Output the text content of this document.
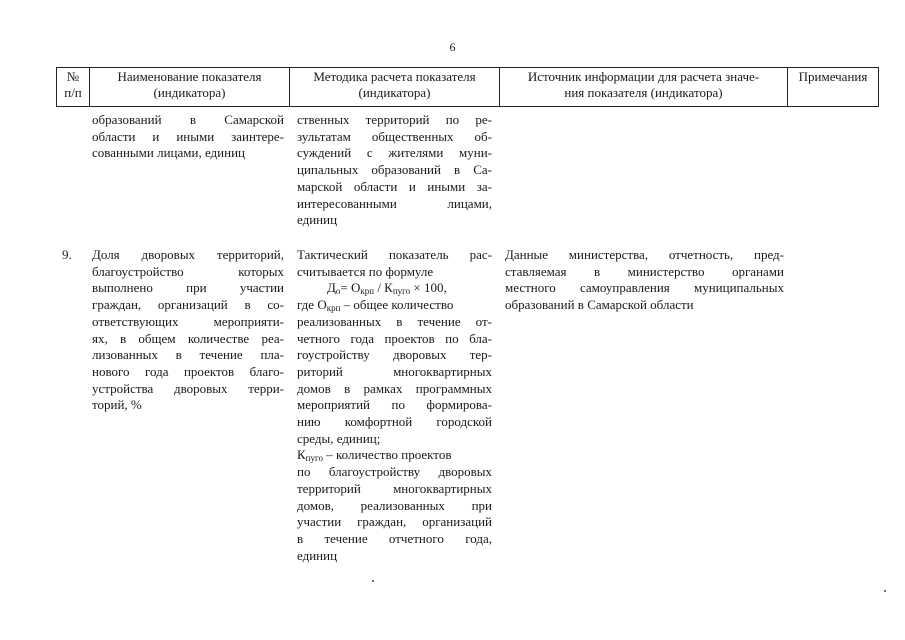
6
№
п/п
Наименование показателя
(индикатора)
Методика расчета показателя
(индикатора)
Источник информации для расчета значе-
ния показателя (индикатора)
Примечания
образований в Самарской
области и иными заинтере-
сованными лицами, единиц
ственных территорий по ре-
зультатам общественных об-
суждений с жителями муни-
ципальных образований в Са-
марской области и иными за-
интересованными лицами,
единиц
9.	Доля дворовых территорий,
благоустройство которых
выполнено при участии
граждан, организаций в со-
ответствующих мероприяти-
ях, в общем количестве реа-
лизованных в течение пла-
нового года проектов благо-
устройства дворовых терри-
торий, %
Тактический показатель рас-
считывается по формуле
$Д_о= О_{крп} / К_{пуго} \times 100$,
где $О_{крп}$ – общее количество
реализованных в течение от-
четного года проектов по бла-
гоустройству дворовых тер-
риторий многоквартирных
домов в рамках программных
мероприятий по формирова-
нию комфортной городской
среды, единиц;
$К_{пуго}$ – количество проектов
по благоустройству дворовых
территорий многоквартирных
домов, реализованных при
участии граждан, организаций
в течение отчетного года,
единиц
Данные министерства, отчетность, пред-
ставляемая в министерство органами
местного самоуправления муниципальных
образований в Самарской области
